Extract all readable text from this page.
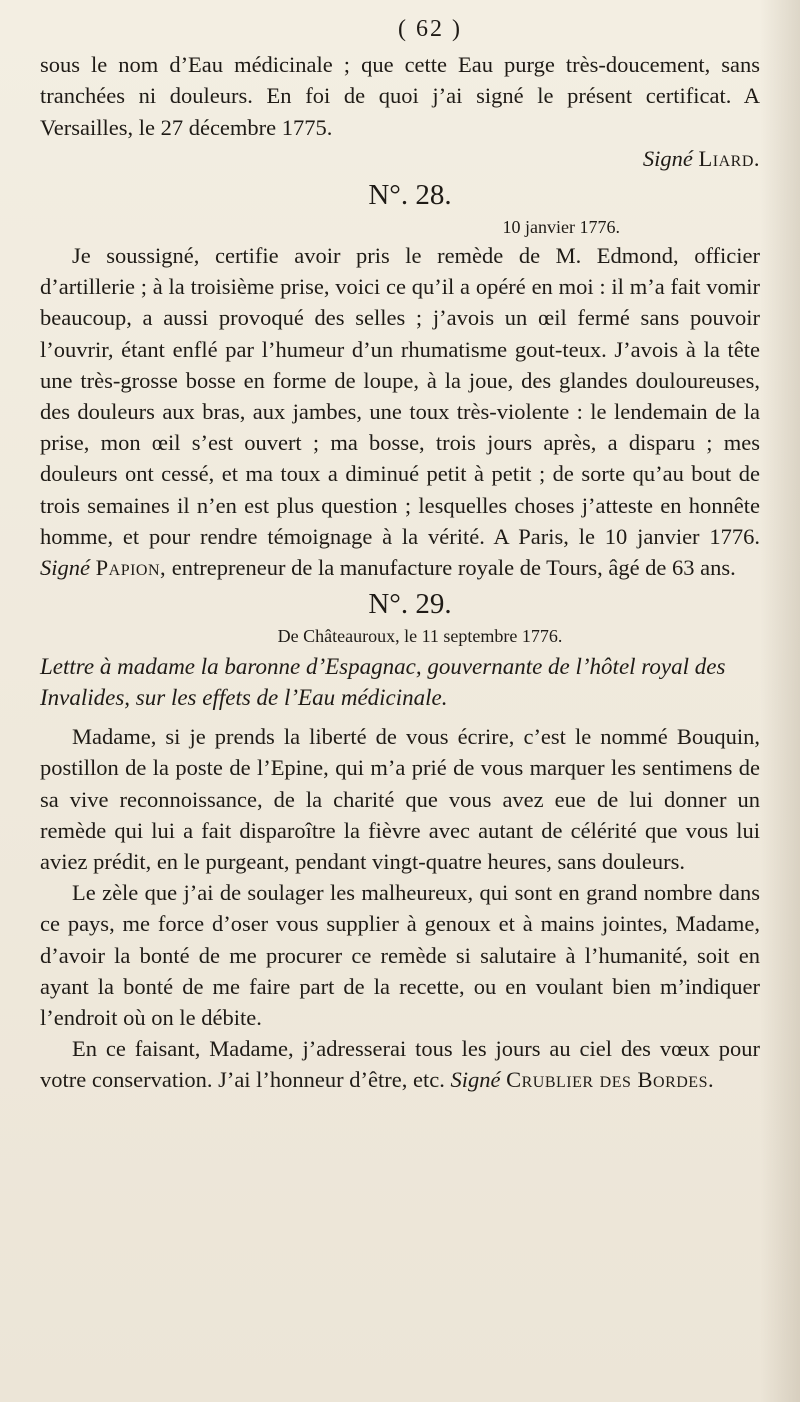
( 62 )

sous le nom d’Eau médicinale ; que cette Eau purge très-doucement, sans tranchées ni douleurs. En foi de quoi j’ai signé le présent certificat. A Versailles, le 27 décembre 1775.

Signé Liard.
N°. 28.
10 janvier 1776.

Je soussigné, certifie avoir pris le remède de M. Edmond, officier d’artillerie ; à la troisième prise, voici ce qu’il a opéré en moi : il m’a fait vomir beaucoup, a aussi provoqué des selles ; j’avois un œil fermé sans pouvoir l’ouvrir, étant enflé par l’humeur d’un rhumatisme gout-teux. J’avois à la tête une très-grosse bosse en forme de loupe, à la joue, des glandes douloureuses, des douleurs aux bras, aux jambes, une toux très-violente : le lendemain de la prise, mon œil s’est ouvert ; ma bosse, trois jours après, a disparu ; mes douleurs ont cessé, et ma toux a diminué petit à petit ; de sorte qu’au bout de trois semaines il n’en est plus question ; lesquelles choses j’atteste en honnête homme, et pour rendre témoignage à la vérité. A Paris, le 10 janvier 1776. Signé Papion, entrepreneur de la manufacture royale de Tours, âgé de 63 ans.

N°. 29.
De Châteauroux, le 11 septembre 1776.
Lettre à madame la baronne d’Espagnac, gouvernante de l’hôtel royal des Invalides, sur les effets de l’Eau médicinale.

Madame, si je prends la liberté de vous écrire, c’est le nommé Bouquin, postillon de la poste de l’Epine, qui m’a prié de vous marquer les sentimens de sa vive reconnoissance, de la charité que vous avez eue de lui donner un remède qui lui a fait disparoître la fièvre avec autant de célérité que vous lui aviez prédit, en le purgeant, pendant vingt-quatre heures, sans douleurs.

Le zèle que j’ai de soulager les malheureux, qui sont en grand nombre dans ce pays, me force d’oser vous supplier à genoux et à mains jointes, Madame, d’avoir la bonté de me procurer ce remède si salutaire à l’humanité, soit en ayant la bonté de me faire part de la recette, ou en voulant bien m’indiquer l’endroit où on le débite.

En ce faisant, Madame, j’adresserai tous les jours au ciel des vœux pour votre conservation. J’ai l’honneur d’être, etc. Signé Crublier des Bordes.
